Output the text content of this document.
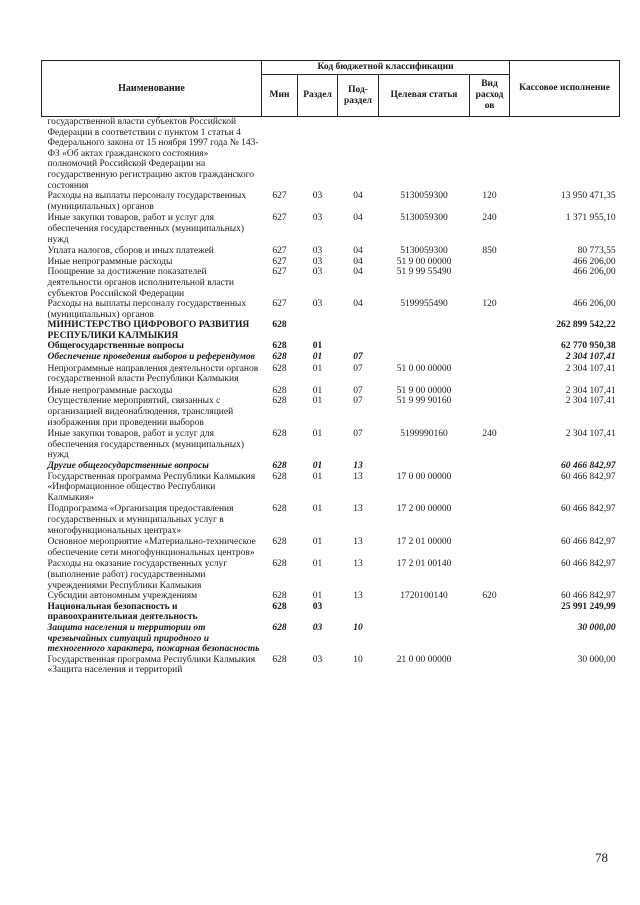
Наименование	Код бюджетной классификации					Кассовое исполнение
	Мин	Раздел	Под-раздел	Целевая статья	Вид расход ов	
государственной власти субъектов Российской Федерации в соответствии с пунктом 1 статьи 4 Федерального закона от 15 ноября 1997 года № 143-ФЗ «Об актах гражданского состояния» полномочий Российской Федерации на государственную регистрацию актов гражданского состояния						
Расходы на выплаты персоналу государственных (муниципальных) органов	627	03	04	5130059300	120	13 950 471,35
Иные закупки товаров, работ и услуг для обеспечения государственных (муниципальных) нужд	627	03	04	5130059300	240	1 371 955,10
Уплата налогов, сборов и иных платежей	627	03	04	5130059300	850	80 773,55
Иные непрограммные расходы	627	03	04	51 9 00 00000		466 206,00
Поощрение за достижение показателей деятельности органов исполнительной власти субъектов Российской Федерации	627	03	04	51 9 99 55490		466 206,00
Расходы на выплаты персоналу государственных (муниципальных) органов	627	03	04	5199955490	120	466 206,00
МИНИСТЕРСТВО ЦИФРОВОГО РАЗВИТИЯ РЕСПУБЛИКИ КАЛМЫКИЯ	628					262 899 542,22
Общегосударственные вопросы	628	01				62 770 950,38
Обеспечение проведения выборов и референдумов	628	01	07			2 304 107,41
Непрограммные направления деятельности органов государственной власти Республики Калмыкия	628	01	07	51 0 00 00000		2 304 107,41
Иные непрограммные расходы	628	01	07	51 9 00 00000		2 304 107,41
Осуществление мероприятий, связанных с организацией видеонаблюдения, трансляцией изображения при проведении выборов	628	01	07	51 9 99 90160		2 304 107,41
Иные закупки товаров, работ и услуг для обеспечения государственных (муниципальных) нужд	628	01	07	5199990160	240	2 304 107,41
Другие общегосударственные вопросы	628	01	13			60 466 842,97
Государственная программа Республики Калмыкия «Информационное общество Республики Калмыкия»	628	01	13	17 0 00 00000		60 466 842,97
Подпрограмма «Организация предоставления государственных и муниципальных услуг в многофункциональных центрах»	628	01	13	17 2 00 00000		60 466 842,97
Основное мероприятие «Материально-техническое обеспечение сети многофункциональных центров»	628	01	13	17 2 01 00000		60 466 842,97
Расходы на оказание государственных услуг (выполнение работ) государственными учреждениями Республики Калмыкия	628	01	13	17 2 01 00140		60 466 842,97
Субсидии автономным учреждениям	628	01	13	1720100140	620	60 466 842,97
Национальная безопасность и правоохранительная деятельность	628	03				25 991 249,99
Защита населения и территории от чрезвычайных ситуаций природного и техногенного характера, пожарная безопасность	628	03	10			30 000,00
Государственная программа Республики Калмыкия «Защита населения и территорий	628	03	10	21 0 00 00000		30 000,00
78
